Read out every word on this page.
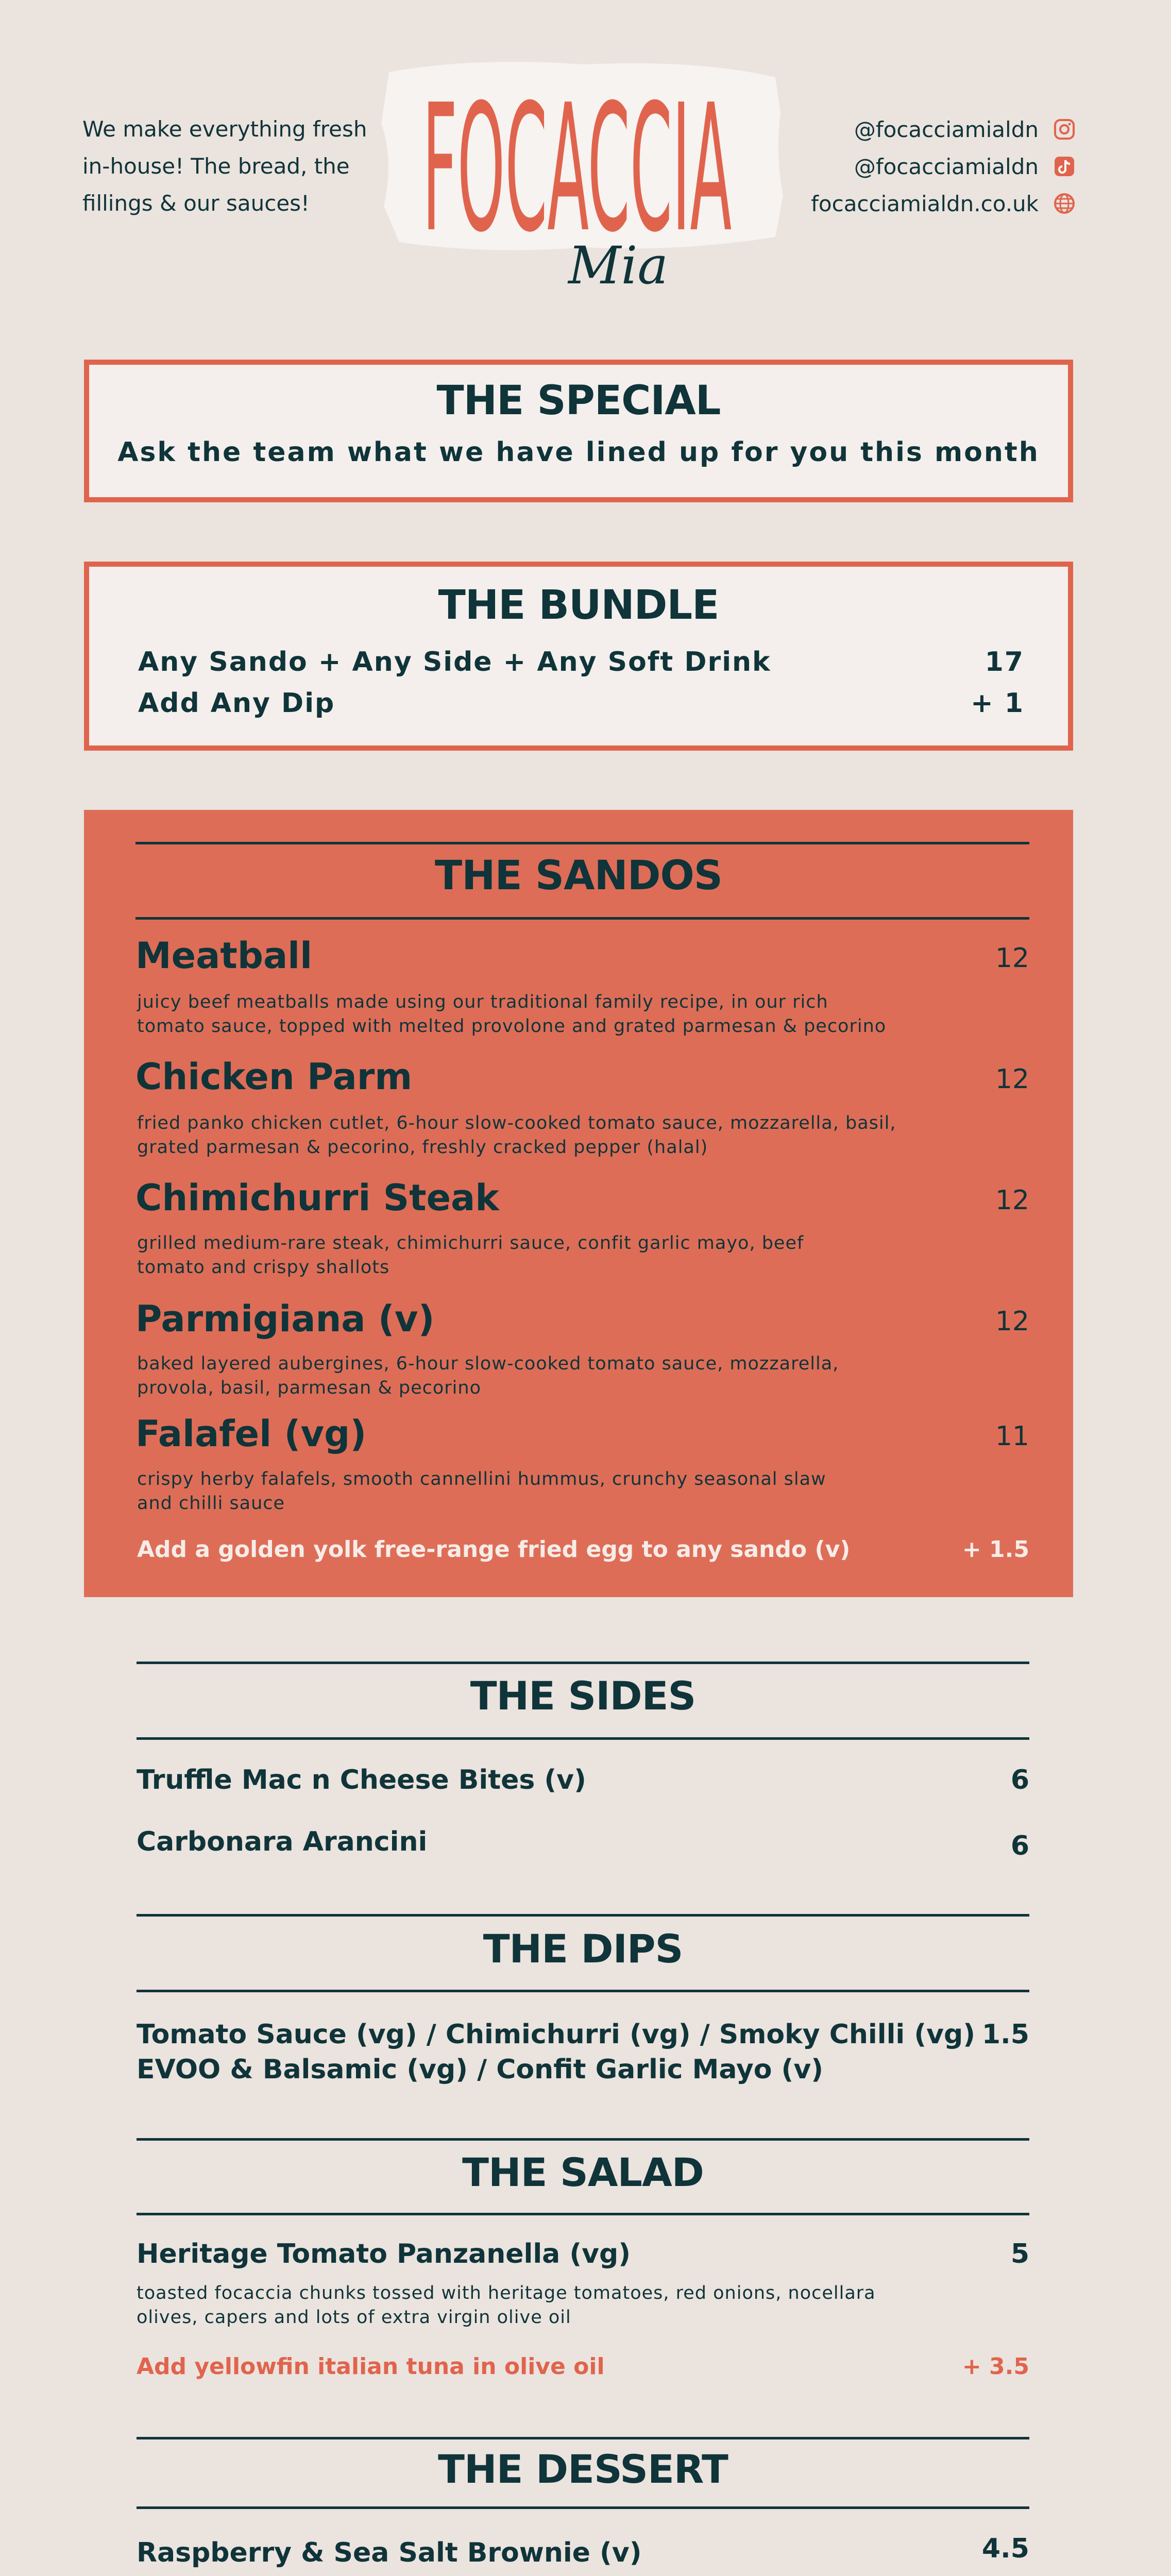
We make everything fresh
in-house! The bread, the
fillings & our sauces! FOCACCIA
Mia
@focacciamialdn
@focacciamialdn
focacciamialdn.co.uk
THE SPECIAL
Ask the team what we have lined up for you this month
THE BUNDLE
Any Sando + Any Side + Any Soft Drink	17
Add Any Dip	+ 1
THE SANDOS
Meatball	12
juicy beef meatballs made using our traditional family recipe, in our rich
tomato sauce, topped with melted provolone and grated parmesan & pecorino
Chicken Parm	12
fried panko chicken cutlet, 6-hour slow-cooked tomato sauce, mozzarella, basil,
grated parmesan & pecorino, freshly cracked pepper (halal)
Chimichurri Steak	12
grilled medium-rare steak, chimichurri sauce, confit garlic mayo, beef
tomato and crispy shallots
Parmigiana (v)	12
baked layered aubergines, 6-hour slow-cooked tomato sauce, mozzarella,
provola, basil, parmesan & pecorino
Falafel (vg)	11
crispy herby falafels, smooth cannellini hummus, crunchy seasonal slaw
and chilli sauce
Add a golden yolk free-range fried egg to any sando (v)	+ 1.5
THE SIDES
Truffle Mac n Cheese Bites (v)	6
Carbonara Arancini	6
THE DIPS
Tomato Sauce (vg) / Chimichurri (vg) / Smoky Chilli (vg)
EVOO & Balsamic (vg) / Confit Garlic Mayo (v)
1.5
THE SALAD
Heritage Tomato Panzanella (vg)	5
toasted focaccia chunks tossed with heritage tomatoes, red onions, nocellara
olives, capers and lots of extra virgin olive oil
Add yellowfin italian tuna in olive oil	+ 3.5
THE DESSERT
Raspberry & Sea Salt Brownie (v)	4.5
